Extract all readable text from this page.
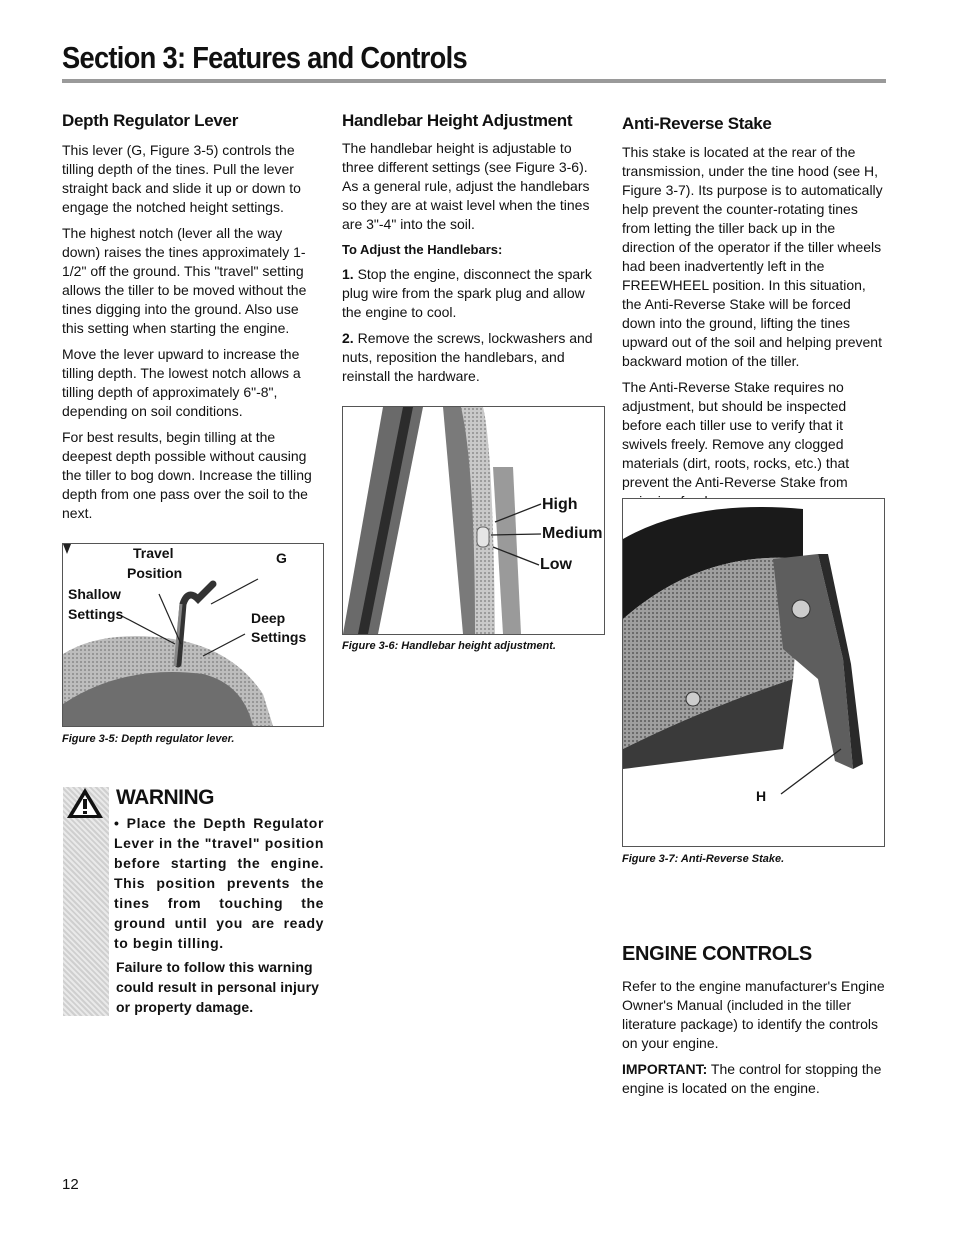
Section 3: Features and Controls
Depth Regulator Lever

This lever (G, Figure 3-5) controls the tilling depth of the tines. Pull the lever straight back and slide it up or down to engage the notched height settings.

The highest notch (lever all the way down) raises the tines approximately 1-1/2" off the ground. This "travel" setting allows the tiller to be moved without the tines digging into the ground. Also use this setting when starting the engine.

Move the lever upward to increase the tilling depth. The lowest notch allows a tilling depth of approximately 6"-8", depending on soil conditions.

For best results, begin tilling at the deepest depth possible without causing the tiller to bog down. Increase the tilling depth from one pass over the soil to the next.

Travel
Position
G
Shallow
Settings	Deep
Settings
Figure 3-5: Depth regulator lever.
WARNING
• Place the Depth Regulator Lever in the "travel" position before starting the engine. This position prevents the tines from touching the ground until you are ready to begin tilling.
Failure to follow this warning could result in personal injury or property damage.
Handlebar Height Adjustment

The handlebar height is adjustable to three different settings (see Figure 3-6). As a general rule, adjust the handlebars so they are at waist level when the tines are 3"-4" into the soil.

To Adjust the Handlebars:

1. Stop the engine, disconnect the spark plug wire from the spark plug and allow the engine to cool.

2. Remove the screws, lockwashers and nuts, reposition the handlebars, and reinstall the hardware.

High
Medium
Low
Figure 3-6: Handlebar height adjustment.
Anti-Reverse Stake

This stake is located at the rear of the transmission, under the tine hood (see H, Figure 3-7). Its purpose is to automatically help prevent the counter-rotating tines from letting the tiller back up in the direction of the operator if the tiller wheels had been inadvertently left in the FREEWHEEL position. In this situation, the Anti-Reverse Stake will be forced down into the ground, lifting the tines upward out of the soil and helping prevent backward motion of the tiller.

The Anti-Reverse Stake requires no adjustment, but should be inspected before each tiller use to verify that it swivels freely. Remove any clogged materials (dirt, roots, rocks, etc.) that prevent the Anti-Reverse Stake from

H
Figure 3-7: Anti-Reverse Stake.
ENGINE CONTROLS

Refer to the engine manufacturer's Engine Owner's Manual (included in the tiller literature package) to identify the controls on your engine.

IMPORTANT: The control for stopping the engine is located on the engine.

12
